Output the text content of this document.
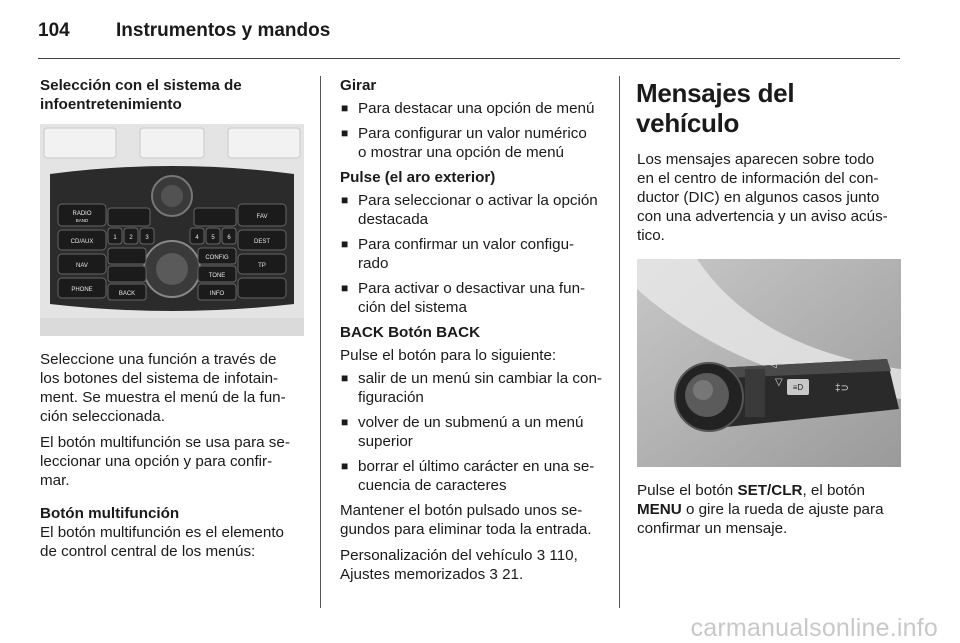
104 Instrumentos y mandos
Selección con el sistema de
infoentretenimiento
RADIO
BAND
CD/AUX
NAV
PHONE
FAV
DEST
TP
CONFIG
TONE
INFO
BACK
1 2 3	4 5 6

Seleccione una función a través de
los botones del sistema de infotain-
ment. Se muestra el menú de la fun-
ción seleccionada.

El botón multifunción se usa para se-
leccionar una opción y para confir-
mar.

Botón multifunción

El botón multifunción es el elemento
de control central de los menús:

Girar
■ Para destacar una opción de menú
■ Para configurar un valor numérico
o mostrar una opción de menú
Pulse (el aro exterior)
■ Para seleccionar o activar la opción
destacada
■ Para confirmar un valor configu-
rado
■ Para activar o desactivar una fun-
ción del sistema
BACK Botón BACK

Pulse el botón para lo siguiente:

■ salir de un menú sin cambiar la con-
figuración
■ volver de un submenú a un menú
superior
■ borrar el último carácter en una se-
cuencia de caracteres

Mantener el botón pulsado unos se-
gundos para eliminar toda la entrada.

Personalización del vehículo 3 110,
Ajustes memorizados 3 21.

Mensajes del vehículo

Los mensajes aparecen sobre todo
en el centro de información del con-
ductor (DIC) en algunos casos junto
con una advertencia y un aviso acús-
tico.

≡D	‡⊃
◁
▽

Pulse el botón SET/CLR, el botón
MENU o gire la rueda de ajuste para
confirmar un mensaje.

carmanualsonline.info
